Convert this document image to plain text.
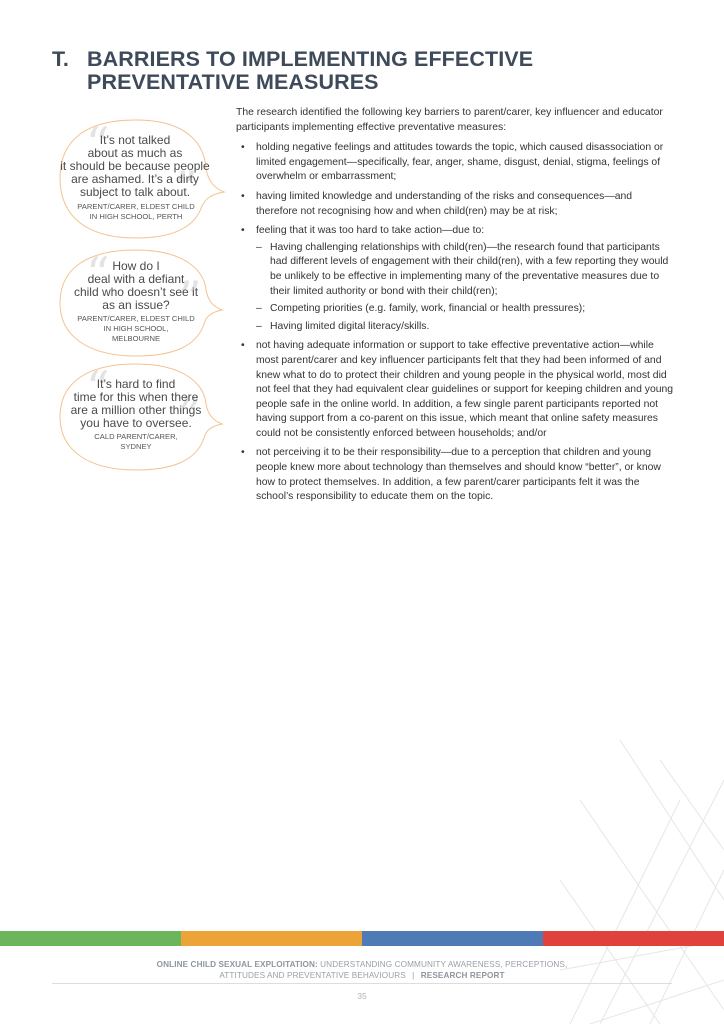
T. BARRIERS TO IMPLEMENTING EFFECTIVE PREVENTATIVE MEASURES
“
”
It’s not talked
about as much as
it should be because people
are ashamed. It’s a dirty
subject to talk about.
PARENT/CARER, ELDEST CHILD
IN HIGH SCHOOL, PERTH
“ ”
How do I
deal with a defiant
child who doesn’t see it
as an issue?
PARENT/CARER, ELDEST CHILD
IN HIGH SCHOOL,
MELBOURNE
“ ”
It’s hard to find
time for this when there
are a million other things
you have to oversee.
CALD PARENT/CARER,
SYDNEY

The research identified the following key barriers to parent/carer, key influencer and educator participants implementing effective preventative measures:

• holding negative feelings and attitudes towards the topic, which caused disassociation or limited engagement—specifically, fear, anger, shame, disgust, denial, stigma, feelings of overwhelm or embarrassment;
• having limited knowledge and understanding of the risks and consequences—and therefore not recognising how and when child(ren) may be at risk;
• feeling that it was too hard to take action—due to:
– Having challenging relationships with child(ren)—the research found that participants had different levels of engagement with their child(ren), with a few reporting they would be unlikely to be effective in implementing many of the preventative measures due to their limited authority or bond with their child(ren);
– Competing priorities (e.g. family, work, financial or health pressures);
– Having limited digital literacy/skills.
• not having adequate information or support to take effective preventative action—while most parent/carer and key influencer participants felt that they had been informed of and knew what to do to protect their children and young people in the physical world, most did not feel that they had equivalent clear guidelines or support for keeping children and young people safe in the online world. In addition, a few single parent participants reported not having support from a co-parent on this issue, which meant that online safety measures could not be consistently enforced between households; and/or
• not perceiving it to be their responsibility—due to a perception that children and young people knew more about technology than themselves and should know “better”, or know how to protect themselves. In addition, a few parent/carer participants felt it was the school’s responsibility to educate them on the topic.
ONLINE CHILD SEXUAL EXPLOITATION: UNDERSTANDING COMMUNITY AWARENESS, PERCEPTIONS,
ATTITUDES AND PREVENTATIVE BEHAVIOURS | RESEARCH REPORT
35
